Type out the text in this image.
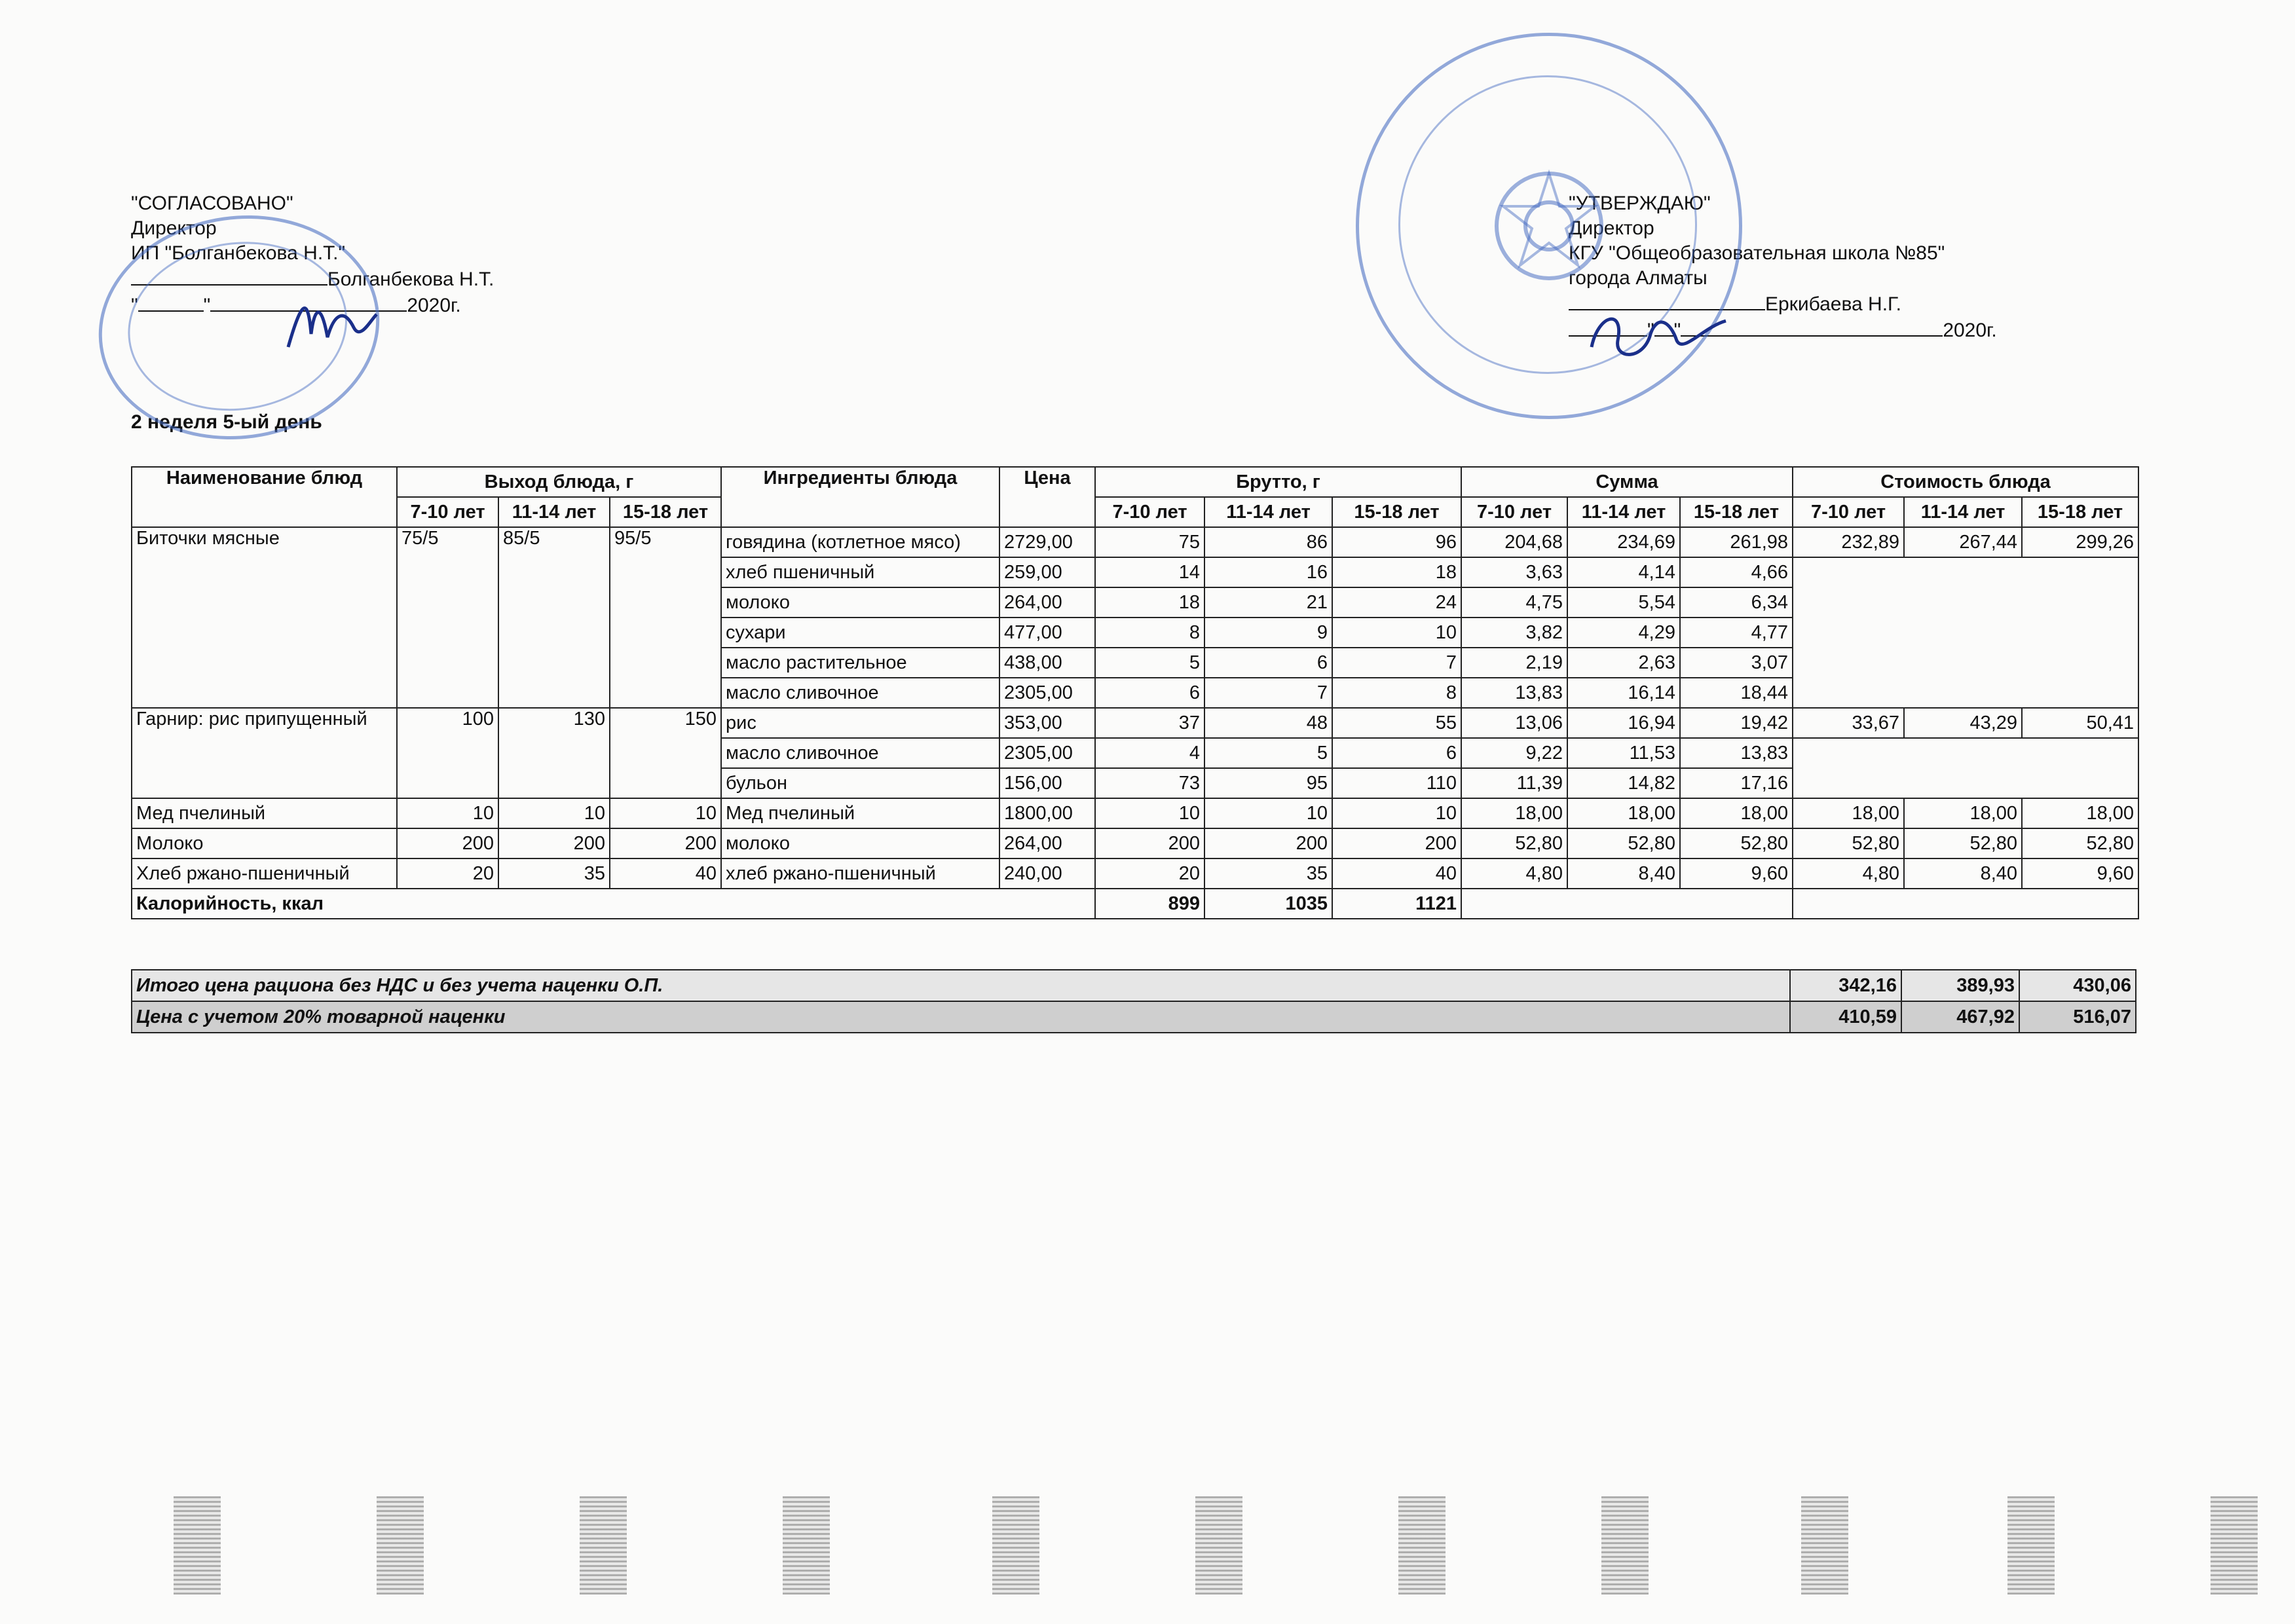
"СОГЛАСОВАНО"
Директор
ИП "Болганбекова Н.Т."
Болганбекова Н.Т.
"	"	2020г.
"УТВЕРЖДАЮ"
Директор
КГУ "Общеобразовательная школа №85"
города Алматы
Еркибаева Н.Г.
" "	2020г.
2 неделя 5-ый день
Наименование блюд	Выход блюда, г			Ингредиенты блюда	Цена	Брутто, г			Сумма			Стоимость блюда		
	7-10 лет	11-14 лет	15-18 лет			7-10 лет	11-14 лет	15-18 лет	7-10 лет	11-14 лет	15-18 лет	7-10 лет	11-14 лет	15-18 лет
Биточки мясные	75/5	85/5	95/5	говядина (котлетное мясо)	2729,00	75	86	96	204,68	234,69	261,98	232,89	267,44	299,26
				хлеб пшеничный	259,00	14	16	18	3,63	4,14	4,66			
				молоко	264,00	18	21	24	4,75	5,54	6,34			
				сухари	477,00	8	9	10	3,82	4,29	4,77			
				масло растительное	438,00	5	6	7	2,19	2,63	3,07			
				масло сливочное	2305,00	6	7	8	13,83	16,14	18,44			
Гарнир: рис припущенный	100	130	150	рис	353,00	37	48	55	13,06	16,94	19,42	33,67	43,29	50,41
				масло сливочное	2305,00	4	5	6	9,22	11,53	13,83			
				бульон	156,00	73	95	110	11,39	14,82	17,16			
Мед пчелиный	10	10	10	Мед пчелиный	1800,00	10	10	10	18,00	18,00	18,00	18,00	18,00	18,00
Молоко	200	200	200	молоко	264,00	200	200	200	52,80	52,80	52,80	52,80	52,80	52,80
Хлеб ржано-пшеничный	20	35	40	хлеб ржано-пшеничный	240,00	20	35	40	4,80	8,40	9,60	4,80	8,40	9,60
Калорийность, ккал						899	1035	1121						
Итого цена рациона без НДС и без учета наценки О.П.	342,16	389,93	430,06
Цена с учетом 20% товарной наценки	410,59	467,92	516,07
